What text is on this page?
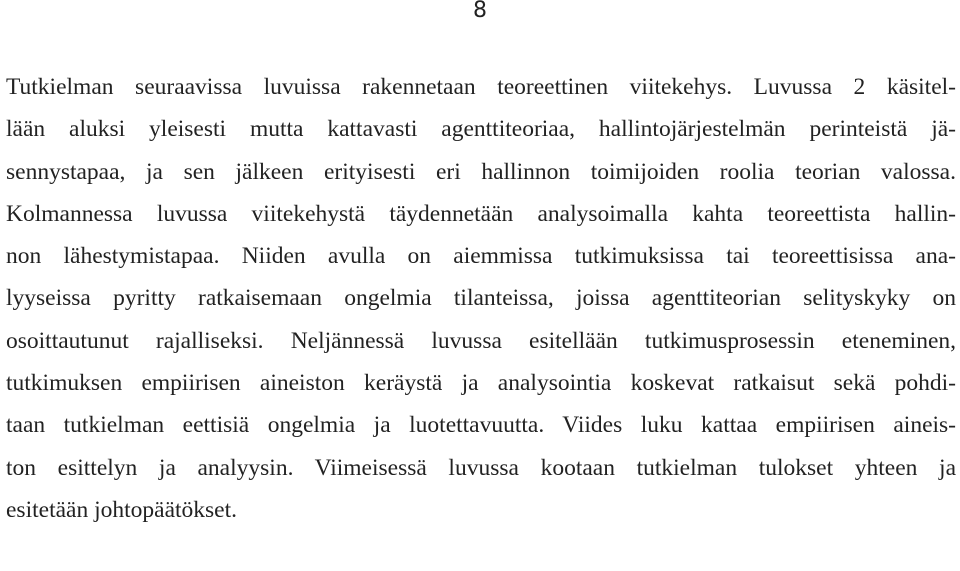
8
Tutkielman seuraavissa luvuissa rakennetaan teoreettinen viitekehys. Luvussa 2 käsitel-
lään aluksi yleisesti mutta kattavasti agenttiteoriaa, hallintojärjestelmän perinteistä jä-
sennystapaa, ja sen jälkeen erityisesti eri hallinnon toimijoiden roolia teorian valossa.
Kolmannessa luvussa viitekehystä täydennetään analysoimalla kahta teoreettista hallin-
non lähestymistapaa. Niiden avulla on aiemmissa tutkimuksissa tai teoreettisissa ana-
lyyseissa pyritty ratkaisemaan ongelmia tilanteissa, joissa agenttiteorian selityskyky on
osoittautunut rajalliseksi. Neljännessä luvussa esitellään tutkimusprosessin eteneminen,
tutkimuksen empiirisen aineiston keräystä ja analysointia koskevat ratkaisut sekä pohdi-
taan tutkielman eettisiä ongelmia ja luotettavuutta. Viides luku kattaa empiirisen aineis-
ton esittelyn ja analyysin. Viimeisessä luvussa kootaan tutkielman tulokset yhteen ja
esitetään johtopäätökset.
